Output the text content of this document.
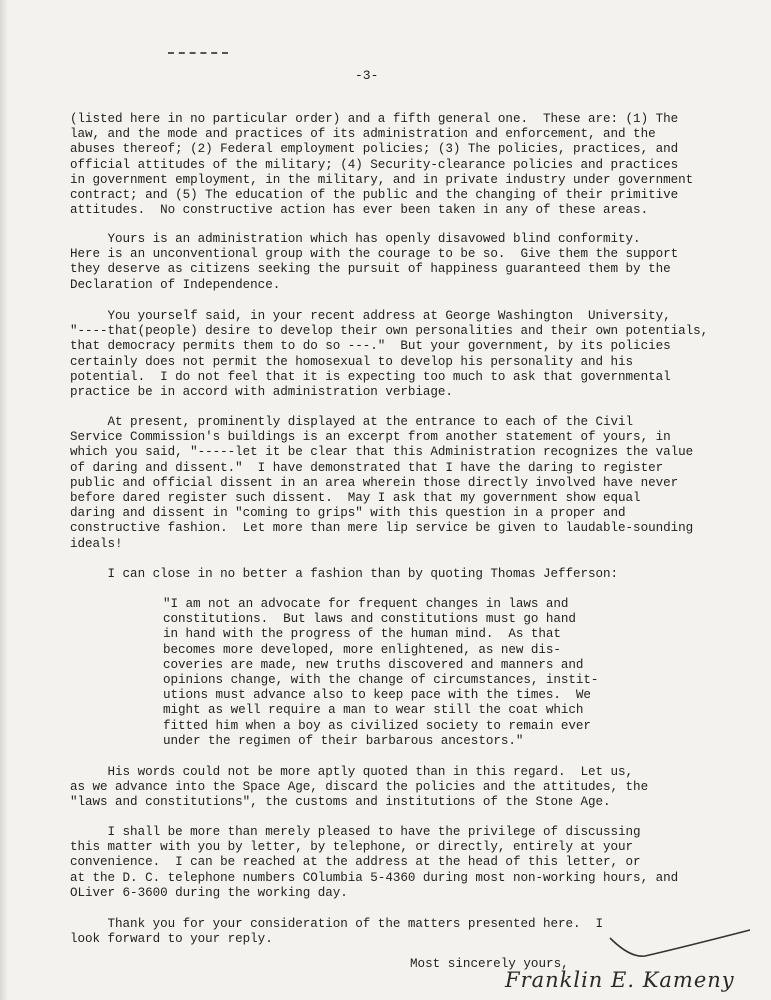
-3-
(listed here in no particular order) and a fifth general one.  These are: (1) The
law, and the mode and practices of its administration and enforcement, and the
abuses thereof; (2) Federal employment policies; (3) The policies, practices, and
official attitudes of the military; (4) Security-clearance policies and practices
in government employment, in the military, and in private industry under government
contract; and (5) The education of the public and the changing of their primitive
attitudes.  No constructive action has ever been taken in any of these areas.
Yours is an administration which has openly disavowed blind conformity.
Here is an unconventional group with the courage to be so.  Give them the support
they deserve as citizens seeking the pursuit of happiness guaranteed them by the
Declaration of Independence.
You yourself said, in your recent address at George Washington  University,
"----that(people) desire to develop their own personalities and their own potentials,
that democracy permits them to do so ---."  But your government, by its policies
certainly does not permit the homosexual to develop his personality and his
potential.  I do not feel that it is expecting too much to ask that governmental
practice be in accord with administration verbiage.
At present, prominently displayed at the entrance to each of the Civil
Service Commission's buildings is an excerpt from another statement of yours, in
which you said, "-----let it be clear that this Administration recognizes the value
of daring and dissent."  I have demonstrated that I have the daring to register
public and official dissent in an area wherein those directly involved have never
before dared register such dissent.  May I ask that my government show equal
daring and dissent in "coming to grips" with this question in a proper and
constructive fashion.  Let more than mere lip service be given to laudable-sounding
ideals!
I can close in no better a fashion than by quoting Thomas Jefferson:
"I am not an advocate for frequent changes in laws and
constitutions.  But laws and constitutions must go hand
in hand with the progress of the human mind.  As that
becomes more developed, more enlightened, as new dis-
coveries are made, new truths discovered and manners and
opinions change, with the change of circumstances, instit-
utions must advance also to keep pace with the times.  We
might as well require a man to wear still the coat which
fitted him when a boy as civilized society to remain ever
under the regimen of their barbarous ancestors."
His words could not be more aptly quoted than in this regard.  Let us,
as we advance into the Space Age, discard the policies and the attitudes, the
"laws and constitutions", the customs and institutions of the Stone Age.
I shall be more than merely pleased to have the privilege of discussing
this matter with you by letter, by telephone, or directly, entirely at your
convenience.  I can be reached at the address at the head of this letter, or
at the D. C. telephone numbers COlumbia 5-4360 during most non-working hours, and
OLiver 6-3600 during the working day.
Thank you for your consideration of the matters presented here.  I
look forward to your reply.
Most sincerely yours,
Franklin E. Kameny
